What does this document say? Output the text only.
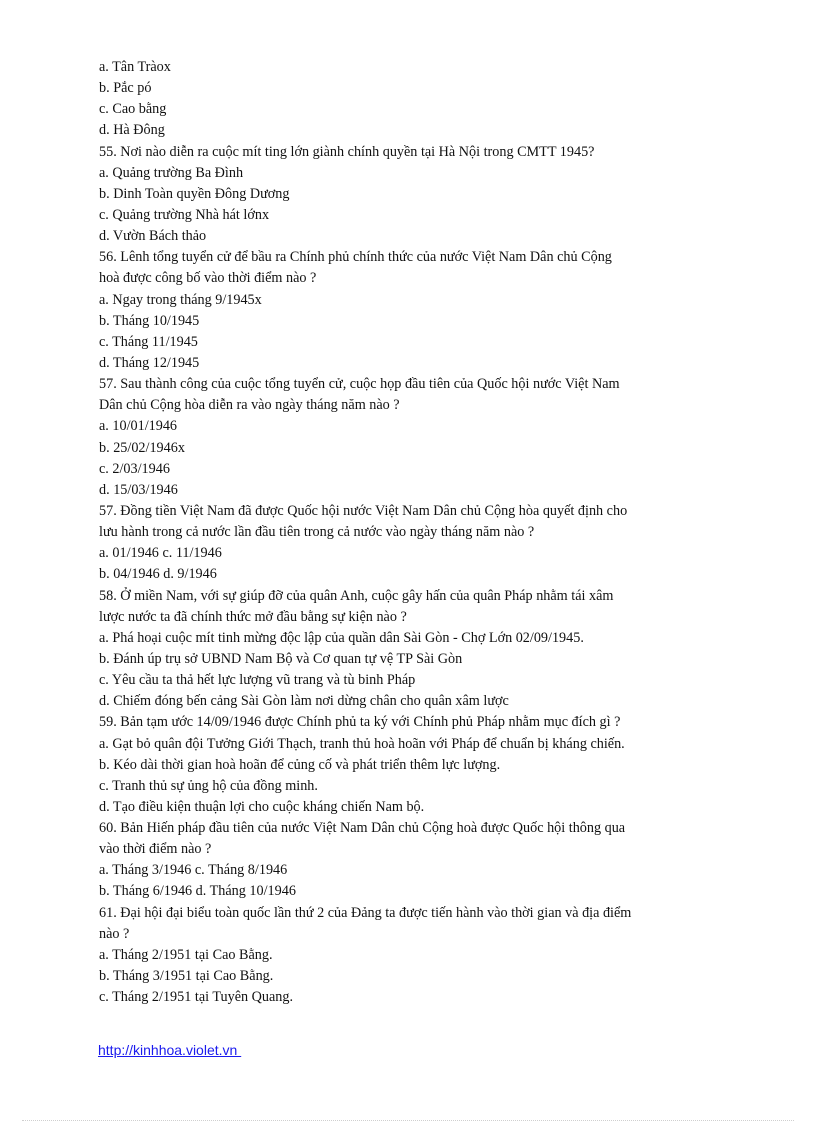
a. Tân Tràox
b. Pắc pó
c. Cao bằng
d. Hà Đông
55. Nơi nào diễn ra cuộc mít ting lớn giành chính quyền tại Hà Nội trong CMTT 1945?
a. Quảng trường Ba Đình
b. Dinh Toàn quyền Đông Dương
c. Quảng trường Nhà hát lớnx
d. Vườn Bách thảo
56. Lênh tổng tuyển cử để bầu ra Chính phủ chính thức của nước Việt Nam Dân chủ Cộng
hoà được công bố vào thời điểm nào ?
a. Ngay trong tháng 9/1945x
b. Tháng 10/1945
c. Tháng 11/1945
d. Tháng 12/1945
57. Sau thành công của cuộc tổng tuyển cử, cuộc họp đầu tiên của Quốc hội nước Việt Nam
Dân chủ Cộng hòa diễn ra vào ngày tháng năm nào ?
a. 10/01/1946
b. 25/02/1946x
c. 2/03/1946
d. 15/03/1946
57. Đồng tiền Việt Nam đã được Quốc hội nước Việt Nam Dân chủ Cộng hòa quyết định cho
lưu hành trong cả nước lần đầu tiên trong cả nước vào ngày tháng năm nào ?
a. 01/1946 c. 11/1946
b. 04/1946 d. 9/1946
58. Ở miền Nam, với sự giúp đỡ của quân Anh, cuộc gây hấn của quân Pháp nhằm tái xâm
lược nước ta đã chính thức mở đầu bằng sự kiện nào ?
a. Phá hoại cuộc mít tinh mừng độc lập của quần dân Sài Gòn - Chợ Lớn 02/09/1945.
b. Đánh úp trụ sở UBND Nam Bộ và Cơ quan tự vệ TP Sài Gòn
c. Yêu cầu ta thả hết lực lượng vũ trang và tù binh Pháp
d. Chiếm đóng bến cảng Sài Gòn làm nơi dừng chân cho quân xâm lược
59. Bản tạm ước 14/09/1946 được Chính phủ ta ký với Chính phủ Pháp nhằm mục đích gì ?
a. Gạt bỏ quân đội Tưởng Giới Thạch, tranh thủ hoà hoãn với Pháp để chuẩn bị kháng chiến.
b. Kéo dài thời gian hoà hoãn để củng cố và phát triển thêm lực lượng.
c. Tranh thủ sự ủng hộ của đồng minh.
d. Tạo điều kiện thuận lợi cho cuộc kháng chiến Nam bộ.
60. Bản Hiến pháp đầu tiên của nước Việt Nam Dân chủ Cộng hoà được Quốc hội thông qua
vào thời điểm nào ?
a. Tháng 3/1946 c. Tháng 8/1946
b. Tháng 6/1946 d. Tháng 10/1946
61. Đại hội đại biểu toàn quốc lần thứ 2 của Đảng ta được tiến hành vào thời gian và địa điểm
nào ?
a. Tháng 2/1951 tại Cao Bằng.
b. Tháng 3/1951 tại Cao Bằng.
c. Tháng 2/1951 tại Tuyên Quang.
http://kinhhoa.violet.vn
